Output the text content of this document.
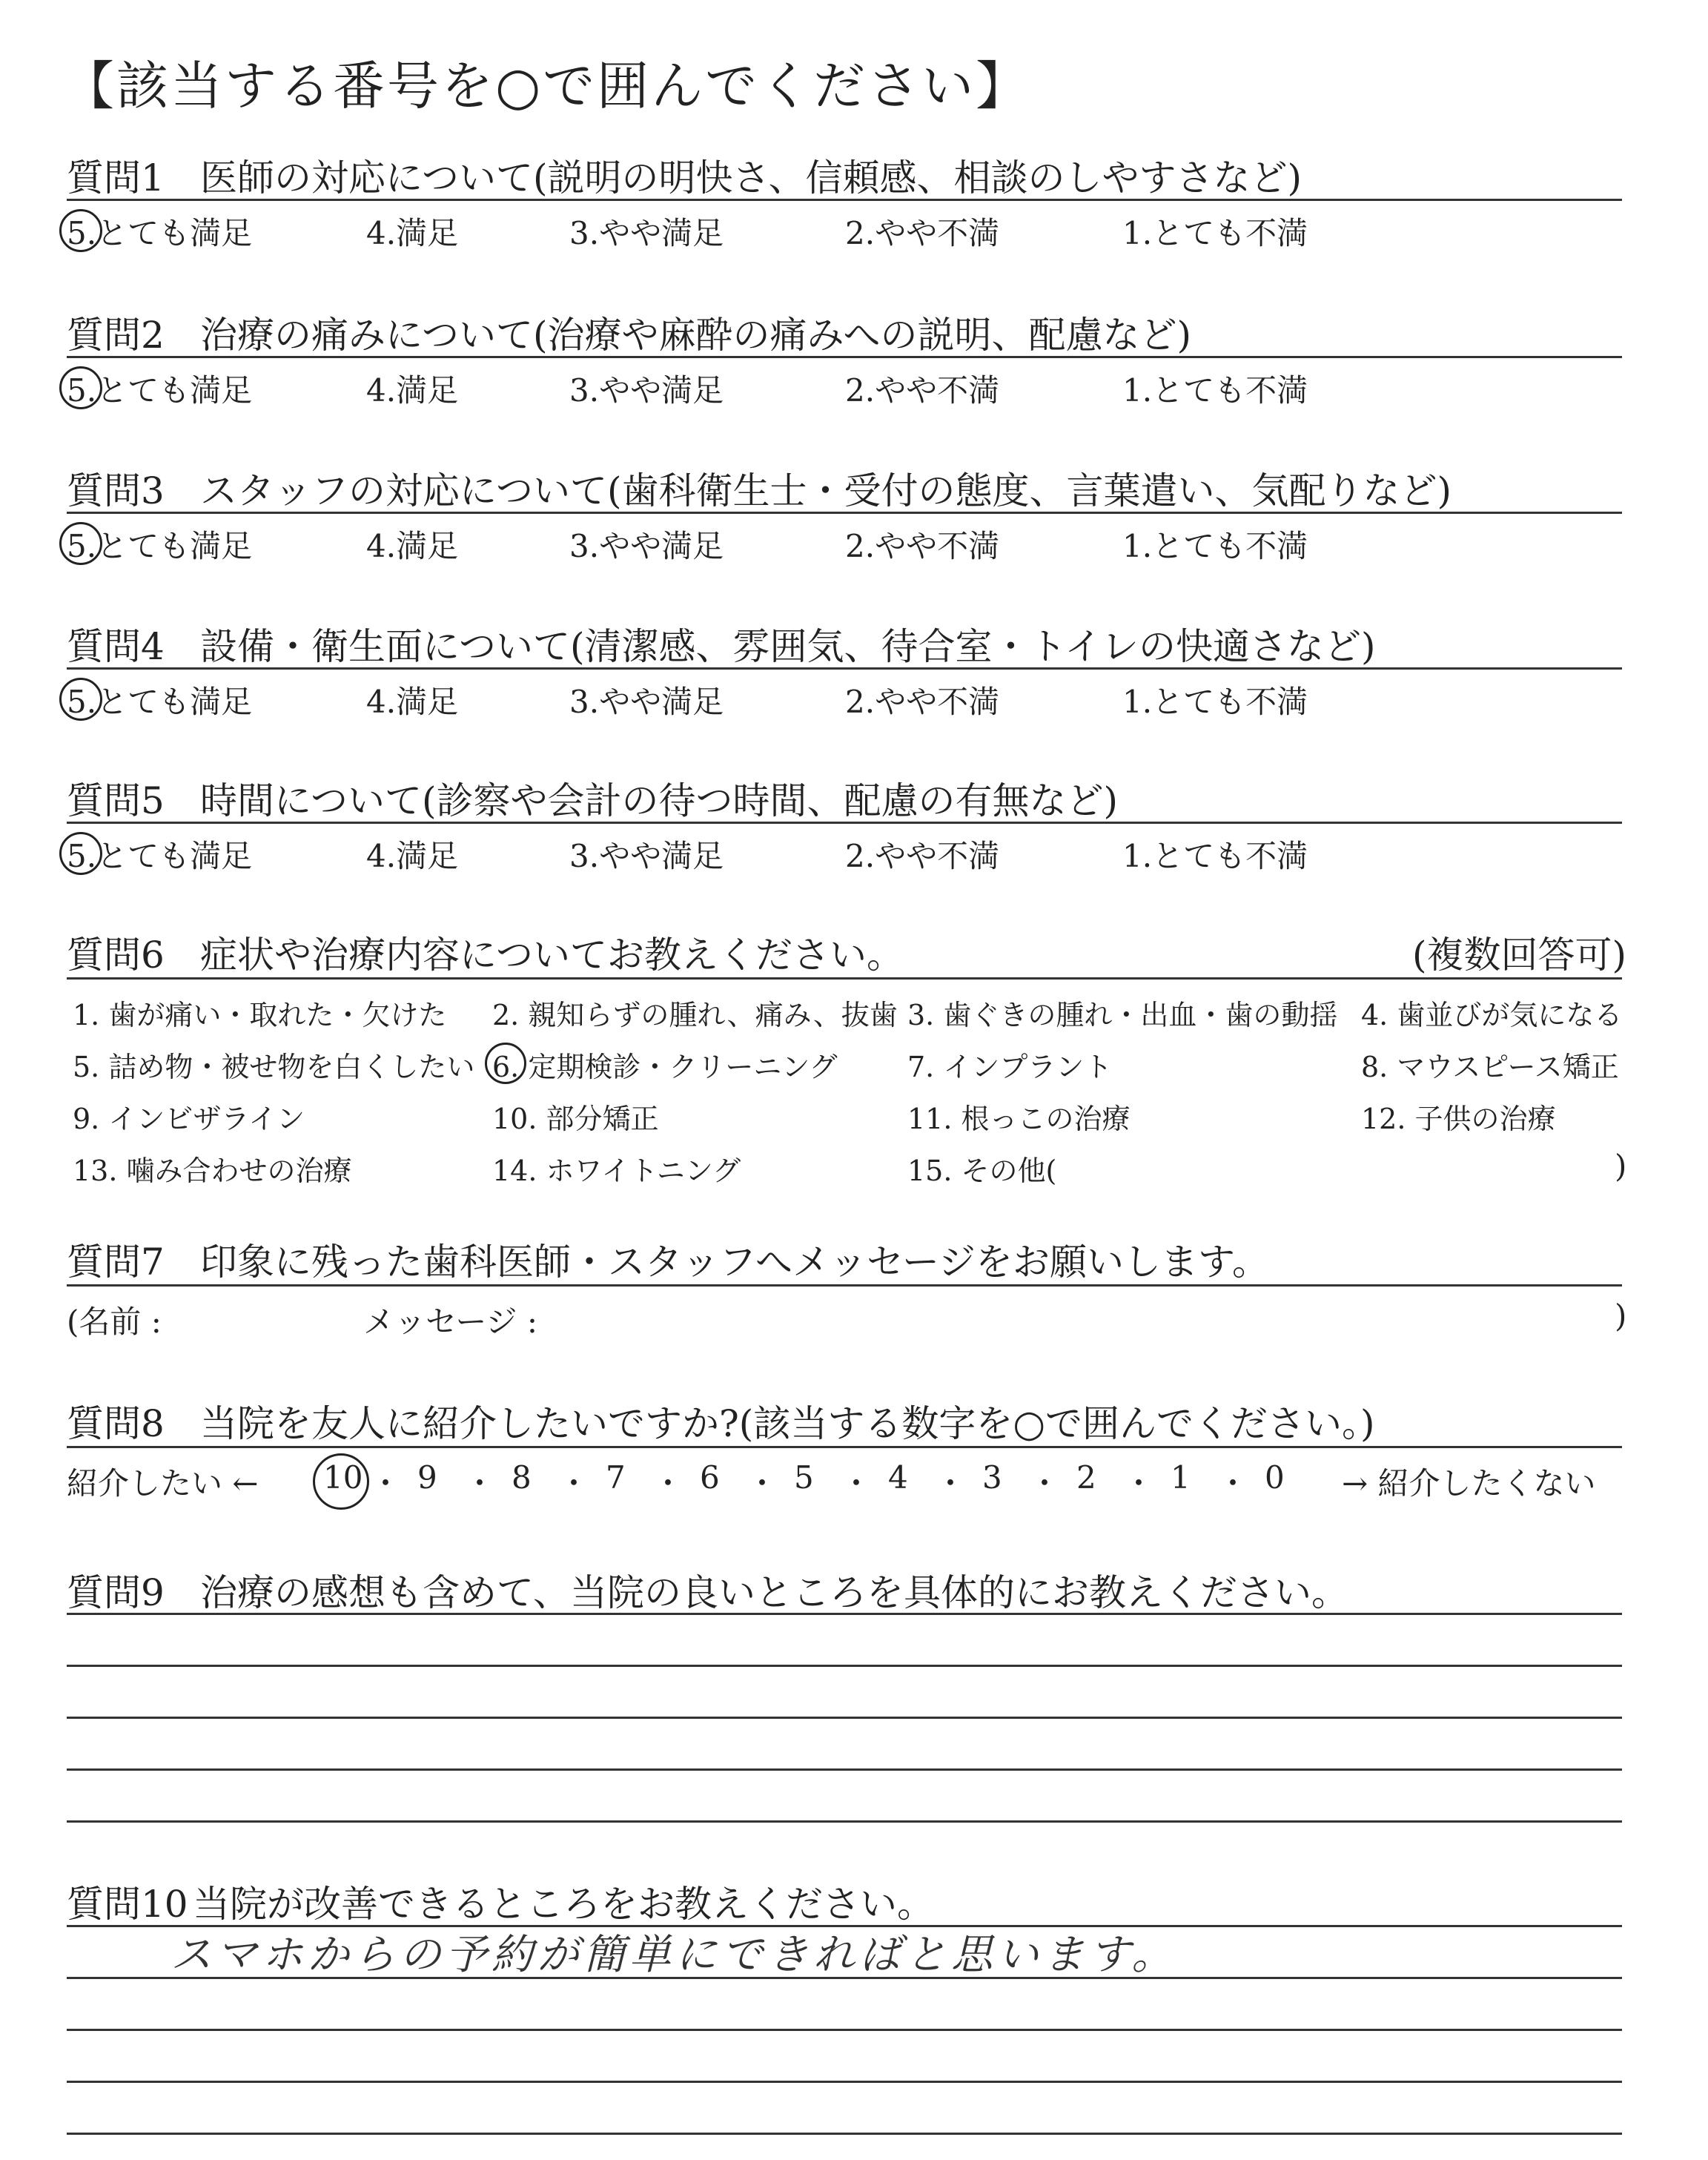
【該当する番号を○で囲んでください】
質問1 医師の対応について(説明の明快さ、信頼感、相談のしやすさなど)
5.とても満足	4.満足	3.やや満足	2.やや不満	1.とても不満
質問2 治療の痛みについて(治療や麻酔の痛みへの説明、配慮など)
5.とても満足	4.満足	3.やや満足	2.やや不満	1.とても不満
質問3 スタッフの対応について(歯科衛生士・受付の態度、言葉遣い、気配りなど)
5.とても満足	4.満足	3.やや満足	2.やや不満	1.とても不満
質問4 設備・衛生面について(清潔感、雰囲気、待合室・トイレの快適さなど)
5.とても満足	4.満足	3.やや満足	2.やや不満	1.とても不満
質問5 時間について(診察や会計の待つ時間、配慮の有無など)
5.とても満足	4.満足	3.やや満足	2.やや不満	1.とても不満
質問6 症状や治療内容についてお教えください。	(複数回答可)
1. 歯が痛い・取れた・欠けた 2. 親知らずの腫れ、痛み、抜歯 3. 歯ぐきの腫れ・出血・歯の動揺 4. 歯並びが気になる
5. 詰め物・被せ物を白くしたい 6. 定期検診・クリーニング 7. インプラント	8. マウスピース矯正
9. インビザライン	10. 部分矯正	11. 根っこの治療	12. 子供の治療
13. 噛み合わせの治療	14. ホワイトニング	15. その他(	)
質問7 印象に残った歯科医師・スタッフへメッセージをお願いします。
(名前 :	メッセージ :	)
質問8 当院を友人に紹介したいですか?(該当する数字を○で囲んでください。)
紹介したい ← 10 ・ 9 ・ 8 ・ 7 ・ 6 ・ 5 ・ 4 ・ 3 ・ 2 ・ 1 ・ 0 → 紹介したくない
質問9 治療の感想も含めて、当院の良いところを具体的にお教えください。
質問10 当院が改善できるところをお教えください。
スマホからの予約が簡単にできればと思います。
